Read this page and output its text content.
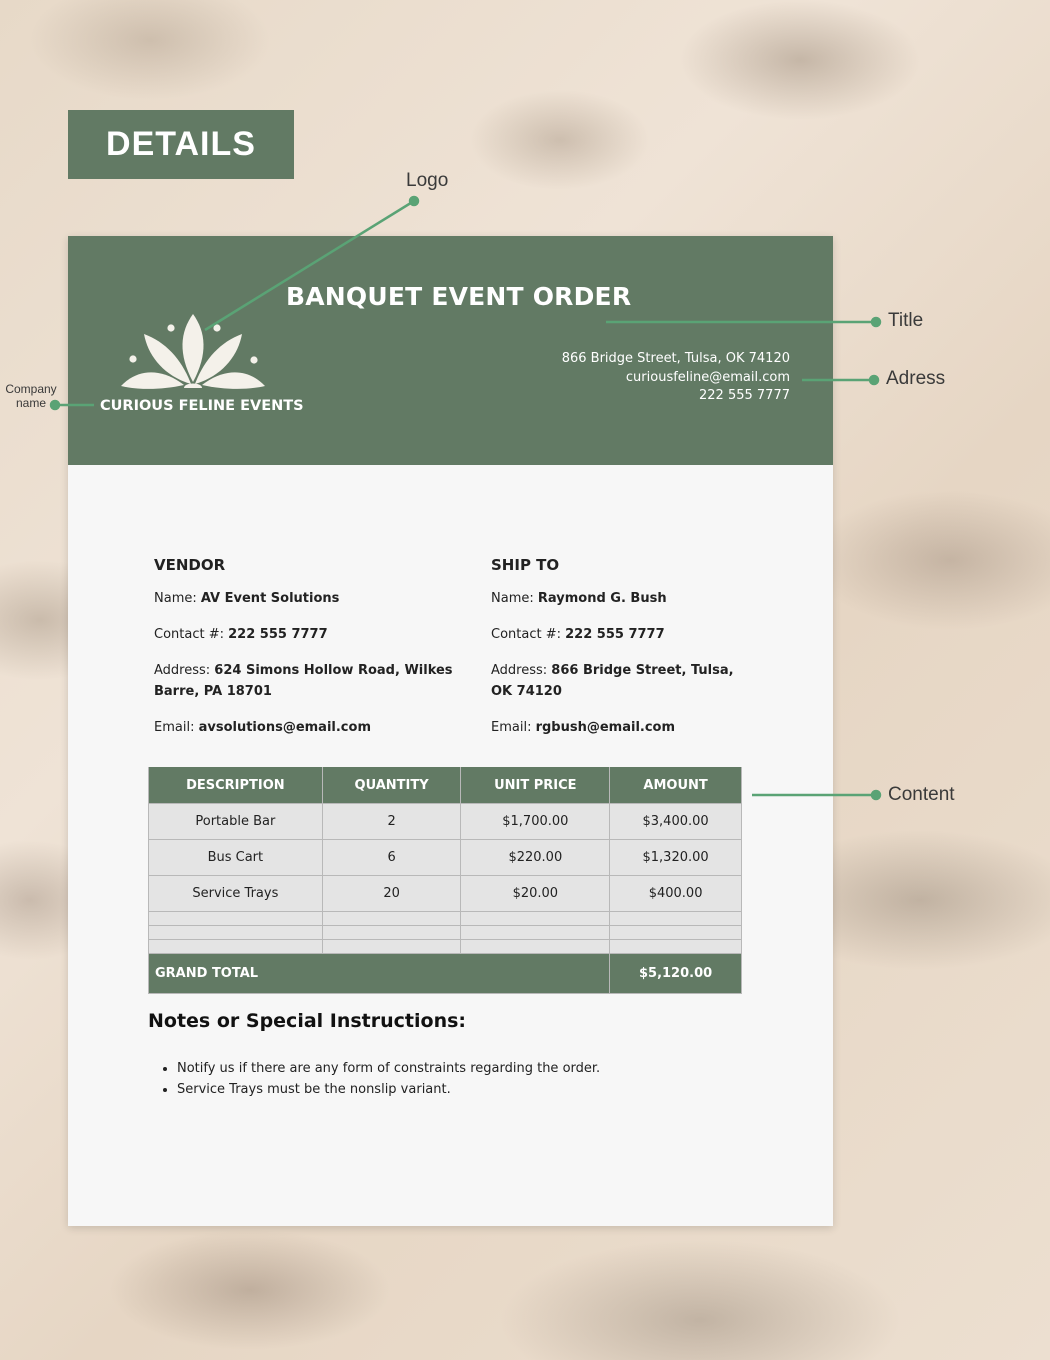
DETAILS
Logo
Title
Adress
Company
name
Content
BANQUET EVENT ORDER
CURIOUS FELINE EVENTS
866 Bridge Street, Tulsa, OK 74120
curiousfeline@email.com
222 555 7777
VENDOR
Name: AV Event Solutions
Contact #: 222 555 7777
Address: 624 Simons Hollow Road, Wilkes Barre, PA 18701
Email: avsolutions@email.com
SHIP TO
Name: Raymond G. Bush
Contact #: 222 555 7777
Address: 866 Bridge Street, Tulsa, OK 74120
Email: rgbush@email.com
DESCRIPTION	QUANTITY	UNIT PRICE	AMOUNT
Portable Bar	2	$1,700.00	$3,400.00
Bus Cart	6	$220.00	$1,320.00
Service Trays	20	$20.00	$400.00

GRAND TOTAL			$5,120.00
Notes or Special Instructions:
• Notify us if there are any form of constraints regarding the order.
• Service Trays must be the nonslip variant.
